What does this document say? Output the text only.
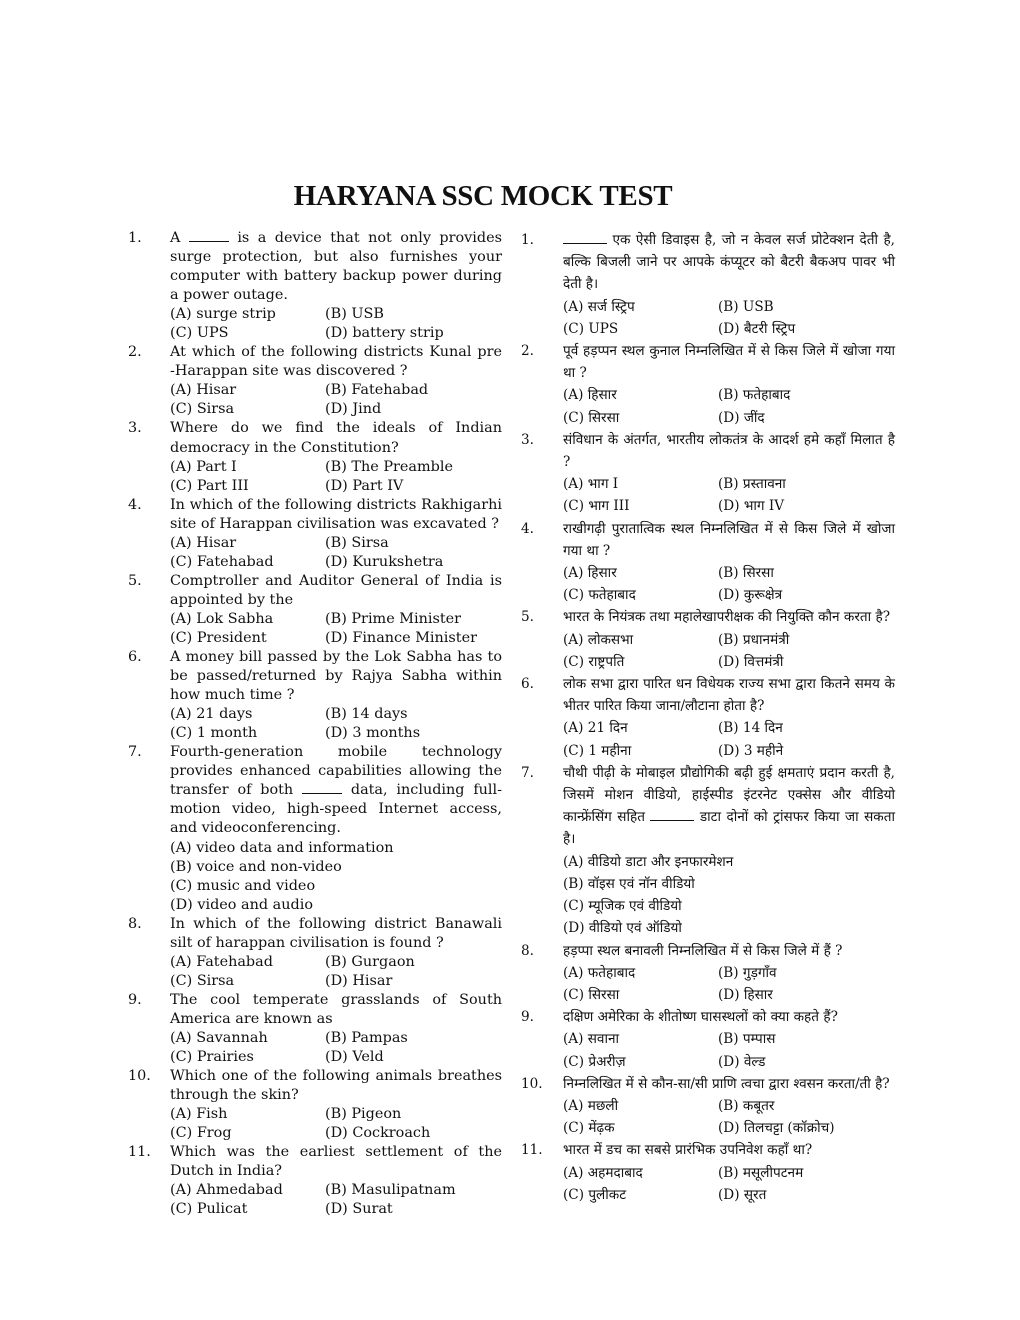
HARYANA SSC MOCK TEST
1. A	is a device that not only provides surge protection, but also furnishes your computer with battery backup power during a power outage.
(A) surge strip	(B) USB
(C) UPS	(D) battery strip
2. At which of the following districts Kunal pre -Harappan site was discovered ?
(A) Hisar	(B) Fatehabad
(C) Sirsa	(D) Jind
3. Where do we find the ideals of Indian democracy in the Constitution?
(A) Part I	(B) The Preamble
(C) Part III	(D) Part IV
4. In which of the following districts Rakhigarhi site of Harappan civilisation was excavated ?
(A) Hisar	(B) Sirsa
(C) Fatehabad	(D) Kurukshetra
5. Comptroller and Auditor General of India is appointed by the
(A) Lok Sabha	(B) Prime Minister
(C) President	(D) Finance Minister
6. A money bill passed by the Lok Sabha has to be passed/returned by Rajya Sabha within how much time ?
(A) 21 days	(B) 14 days
(C) 1 month	(D) 3 months
7. Fourth-generation mobile technology provides enhanced capabilities allowing the transfer of both	data, including full-motion video, high-speed Internet access, and videoconferencing.
(A) video data and information
(B) voice and non-video
(C) music and video
(D) video and audio
8. In which of the following district Banawali silt of harappan civilisation is found ?
(A) Fatehabad	(B) Gurgaon
(C) Sirsa	(D) Hisar
9. The cool temperate grasslands of South America are known as
(A) Savannah	(B) Pampas
(C) Prairies	(D) Veld
10. Which one of the following animals breathes through the skin?
(A) Fish	(B) Pigeon
(C) Frog	(D) Cockroach
11. Which was the earliest settlement of the Dutch in India?
(A) Ahmedabad	(B) Masulipatnam
(C) Pulicat	(D) Surat
1.	एक ऐसी डिवाइस है, जो न केवल सर्ज प्रोटेक्शन देती है, बल्कि बिजली जाने पर आपके कंप्यूटर को बैटरी बैकअप पावर भी देती है।
(A) सर्ज स्ट्रिप	(B) USB
(C) UPS	(D) बैटरी स्ट्रिप
2. पूर्व हड़प्पन स्थल कुनाल निम्नलिखित में से किस जिले में खोजा गया था ?
(A) हिसार	(B) फतेहाबाद
(C) सिरसा	(D) जींद
3. संविधान के अंतर्गत, भारतीय लोकतंत्र के आदर्श हमे कहाँ मिलात है ?
(A) भाग I	(B) प्रस्तावना
(C) भाग III	(D) भाग IV
4. राखीगढ़ी पुरातात्विक स्थल निम्नलिखित में से किस जिले में खोजा गया था ?
(A) हिसार	(B) सिरसा
(C) फतेहाबाद	(D) कुरूक्षेत्र
5. भारत के नियंत्रक तथा महालेखापरीक्षक की नियुक्ति कौन करता है?
(A) लोकसभा	(B) प्रधानमंत्री
(C) राष्ट्रपति	(D) वित्तमंत्री
6. लोक सभा द्वारा पारित धन विधेयक राज्य सभा द्वारा कितने समय के भीतर पारित किया जाना/लौटाना होता है?
(A) 21 दिन	(B) 14 दिन
(C) 1 महीना	(D) 3 महीने
7. चौथी पीढ़ी के मोबाइल प्रौद्योगिकी बढ़ी हुई क्षमताएं प्रदान करती है, जिसमें मोशन वीडियो, हाईस्पीड इंटरनेट एक्सेस और वीडियो कान्फ्रेंसिंग सहित	डाटा दोनों को ट्रांसफर किया जा सकता है।
(A) वीडियो डाटा और इनफारमेशन
(B) वॉइस एवं नॉन वीडियो
(C) म्यूजिक एवं वीडियो
(D) वीडियो एवं ऑडियो
8. हड़प्पा स्थल बनावली निम्नलिखित में से किस जिले में हैं ?
(A) फतेहाबाद	(B) गुड़गाँव
(C) सिरसा	(D) हिसार
9. दक्षिण अमेरिका के शीतोष्ण घासस्थलों को क्या कहते हैं?
(A) सवाना	(B) पम्पास
(C) प्रेअरीज़	(D) वेल्ड
10. निम्नलिखित में से कौन-सा/सी प्राणि त्वचा द्वारा श्वसन करता/ती है?
(A) मछली	(B) कबूतर
(C) मेंढ़क	(D) तिलचट्टा (कॉक्रोच)
11. भारत में डच का सबसे प्रारंभिक उपनिवेश कहाँ था?
(A) अहमदाबाद	(B) मसूलीपटनम
(C) पुलीकट	(D) सूरत
